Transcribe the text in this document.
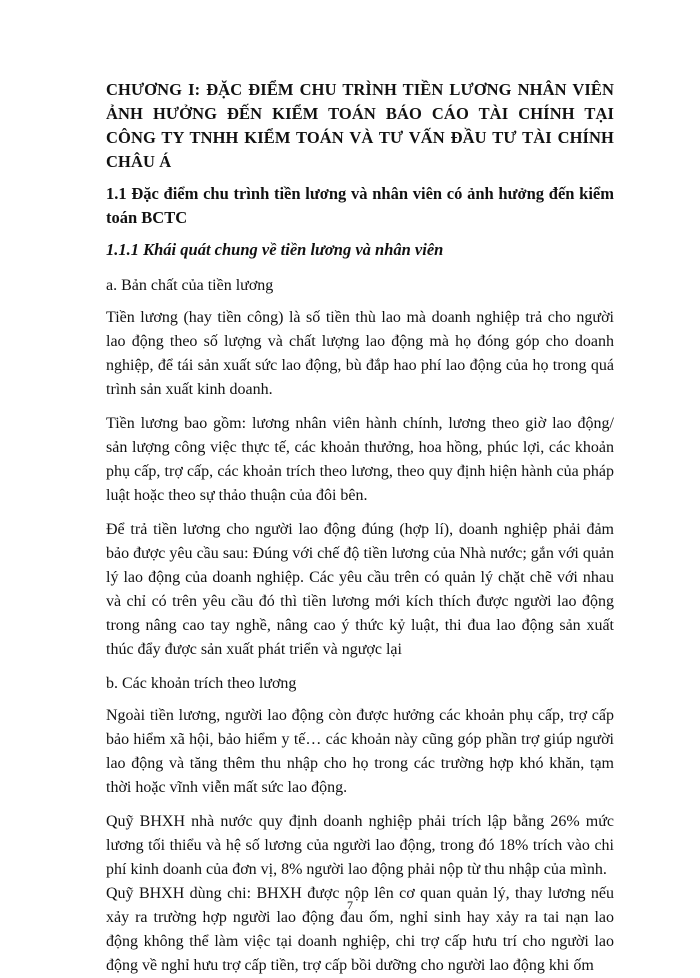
CHƯƠNG I: ĐẶC ĐIỂM CHU TRÌNH TIỀN LƯƠNG NHÂN VIÊN ẢNH HƯỞNG ĐẾN KIỂM TOÁN BÁO CÁO TÀI CHÍNH TẠI CÔNG TY TNHH KIỂM TOÁN VÀ TƯ VẤN ĐẦU TƯ TÀI CHÍNH CHÂU Á
1.1 Đặc điểm chu trình tiền lương và nhân viên có ảnh hưởng đến kiểm toán BCTC
1.1.1 Khái quát chung về tiền lương và nhân viên
a. Bản chất của tiền lương

Tiền lương (hay tiền công) là số tiền thù lao mà doanh nghiệp trả cho người lao động theo số lượng và chất lượng lao động mà họ đóng góp cho doanh nghiệp, để tái sản xuất sức lao động, bù đắp hao phí lao động của họ trong quá trình sản xuất kinh doanh.

Tiền lương bao gồm: lương nhân viên hành chính, lương theo giờ lao động/ sản lượng công việc thực tế, các khoản thưởng, hoa hồng, phúc lợi, các khoản phụ cấp, trợ cấp, các khoản trích theo lương, theo quy định hiện hành của pháp luật hoặc theo sự thảo thuận của đôi bên.

Để trả tiền lương cho người lao động đúng (hợp lí), doanh nghiệp phải đảm bảo được yêu cầu sau: Đúng với chế độ tiền lương của Nhà nước; gắn với quản lý lao động của doanh nghiệp. Các yêu cầu trên có quản lý chặt chẽ với nhau và chỉ có trên yêu cầu đó thì tiền lương mới kích thích được người lao động trong nâng cao tay nghề, nâng cao ý thức kỷ luật, thi đua lao động sản xuất thúc đẩy được sản xuất phát triển và ngược lại

b. Các khoản trích theo lương

Ngoài tiền lương, người lao động còn được hưởng các khoản phụ cấp, trợ cấp bảo hiểm xã hội, bảo hiểm y tế… các khoản này cũng góp phần trợ giúp người lao động và tăng thêm thu nhập cho họ trong các trường hợp khó khăn, tạm thời hoặc vĩnh viễn mất sức lao động.

Quỹ BHXH nhà nước quy định doanh nghiệp phải trích lập bằng 26% mức lương tối thiểu và hệ số lương của người lao động, trong đó 18% trích vào chi phí kinh doanh của đơn vị, 8% người lao động phải nộp từ thu nhập của mình.

Quỹ BHXH dùng chi: BHXH được nộp lên cơ quan quản lý, thay lương nếu xảy ra trường hợp người lao động đau ốm, nghỉ sinh hay xảy ra tai nạn lao động không thể làm việc tại doanh nghiệp, chi trợ cấp hưu trí cho người lao động về nghỉ hưu trợ cấp tiền, trợ cấp bồi dưỡng cho người lao động khi ốm

7
